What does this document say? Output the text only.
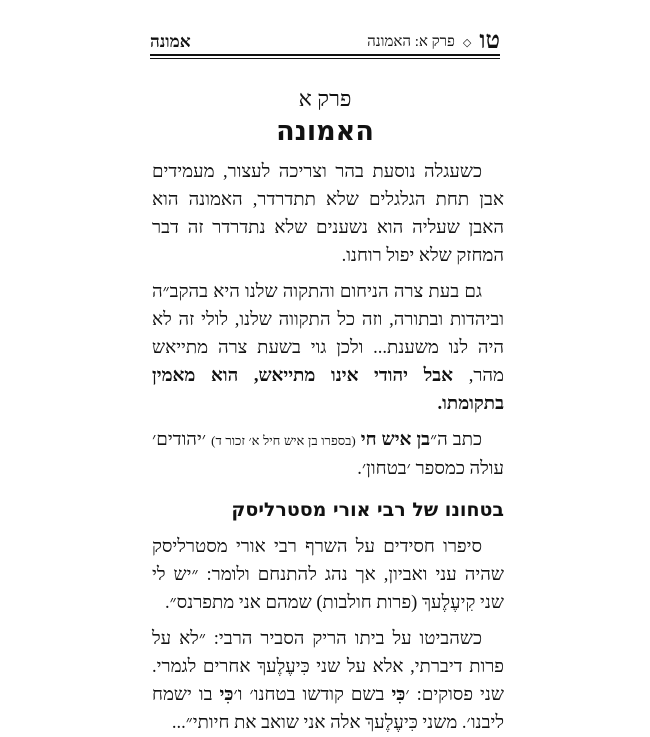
טו
◇
פרק א: האמונה
אמונה
פרק א
האמונה

כשעגלה נוסעת בהר וצריכה לעצור, מעמידים אבן תחת הגלגלים שלא תתדרדר, האמונה הוא האבן שעליה הוא נשענים שלא נתדרדר זה דבר המחזק שלא יפול רוחנו.

גם בעת צרה הניחום והתקוה שלנו היא בהקב״ה וביהדות ובתורה, וזה כל התקווה שלנו, לולי זה לא היה לנו משענת... ולכן גוי בשעת צרה מתייאש מהר, אבל יהודי אינו מתייאש, הוא מאמין בתקומתו.

כתב ה״בן איש חי (בספרו בן איש חיל א׳ זכור ד) ׳יהודים׳ עולה כמספר ׳בטחון׳.

בטחונו של רבי אורי מסטרליסק

סיפרו חסידים על השרף רבי אורי מסטרליסק שהיה עני ואביון, אך נהג להתנחם ולומר: ״יש לי שני קִיעֶלֶעךְ (פרות חולבות) שמהם אני מתפרנס״.

כשהביטו על ביתו הריק הסביר הרבי: ״לא על פרות דיברתי, אלא על שני כִּיעֶלֶעךְ אחרים לגמרי. שני פסוקים: ׳כִּי בשם קודשו בטחנו׳ ו׳כִּי בו ישמח ליבנו׳. משני כִּיעֶלֶעךְ אלה אני שואב את חיותי״...
